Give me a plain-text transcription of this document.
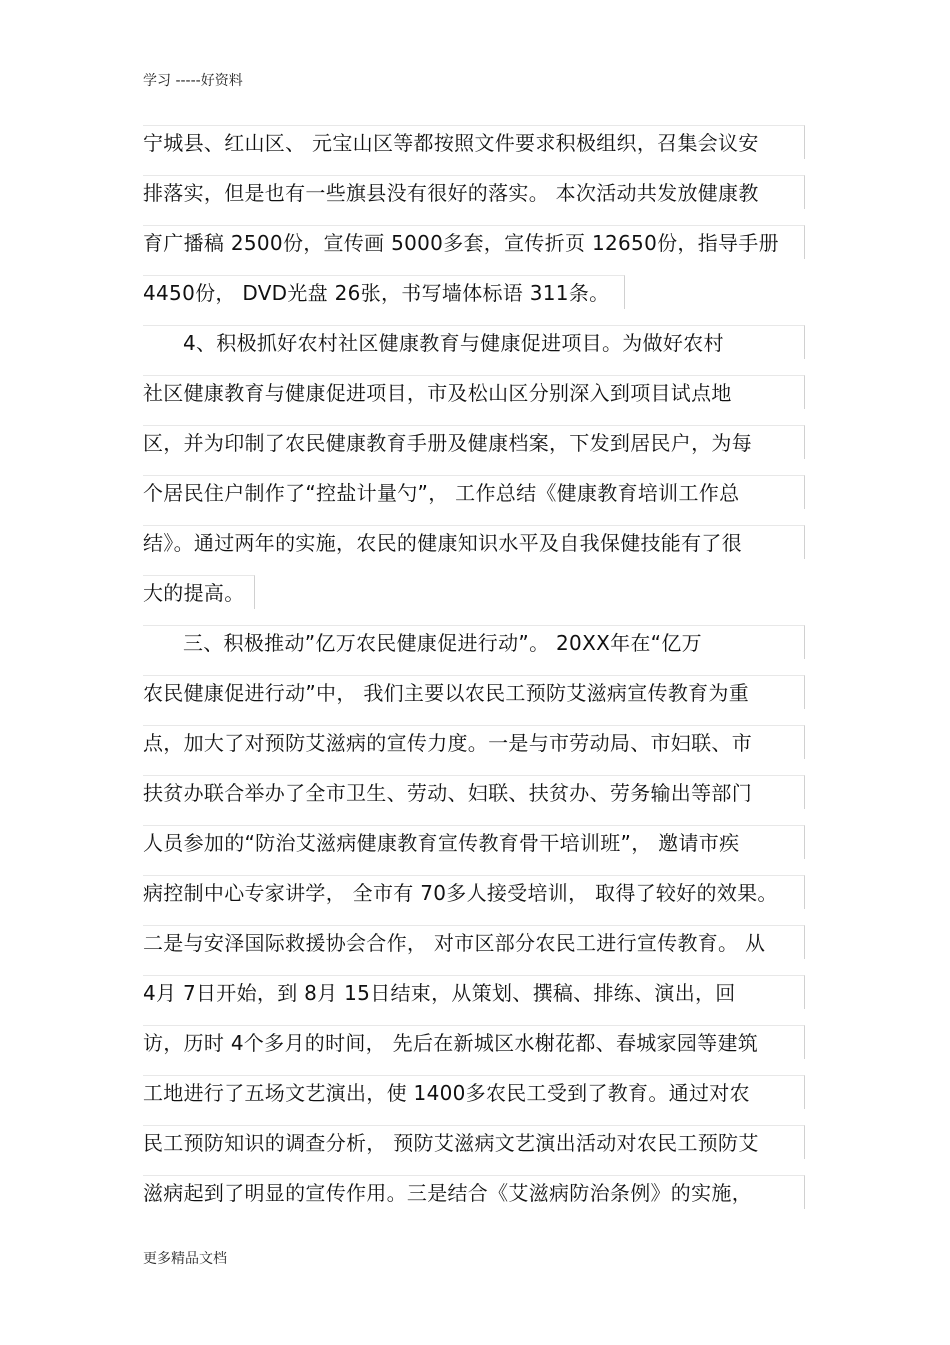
学习 -----好资料
宁城县、红山区、 元宝山区等都按照文件要求积极组织，召集会议安
排落实，但是也有一些旗县没有很好的落实。 本次活动共发放健康教
育广播稿 2500份，宣传画 5000多套，宣传折页 12650份，指导手册
4450份， DVD光盘 26张，书写墙体标语 311条。
4、积极抓好农村社区健康教育与健康促进项目。为做好农村
社区健康教育与健康促进项目，市及松山区分别深入到项目试点地
区，并为印制了农民健康教育手册及健康档案，下发到居民户，为每
个居民住户制作了“控盐计量勺”， 工作总结《健康教育培训工作总
结》。通过两年的实施，农民的健康知识水平及自我保健技能有了很
大的提高。
三、积极推动”亿万农民健康促进行动”。 20XX年在“亿万
农民健康促进行动”中， 我们主要以农民工预防艾滋病宣传教育为重
点，加大了对预防艾滋病的宣传力度。一是与市劳动局、市妇联、市
扶贫办联合举办了全市卫生、劳动、妇联、扶贫办、劳务输出等部门
人员参加的“防治艾滋病健康教育宣传教育骨干培训班”， 邀请市疾
病控制中心专家讲学， 全市有 70多人接受培训， 取得了较好的效果。
二是与安泽国际救援协会合作， 对市区部分农民工进行宣传教育。 从
4月 7日开始，到 8月 15日结束，从策划、撰稿、排练、演出，回
访，历时 4个多月的时间， 先后在新城区水榭花都、春城家园等建筑
工地进行了五场文艺演出，使 1400多农民工受到了教育。通过对农
民工预防知识的调查分析， 预防艾滋病文艺演出活动对农民工预防艾
滋病起到了明显的宣传作用。三是结合《艾滋病防治条例》的实施，
更多精品文档
